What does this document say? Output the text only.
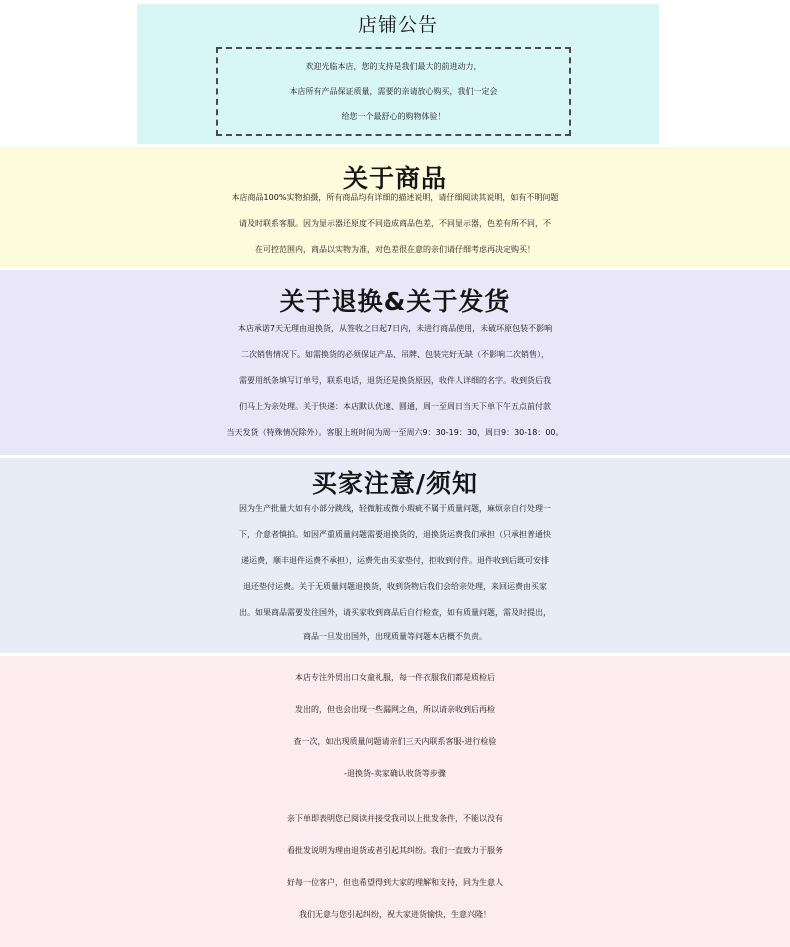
店铺公告
欢迎光临本店，您的支持是我们最大的前进动力，
本店所有产品保证质量，需要的亲请放心购买，我们一定会
给您一个最舒心的购物体验！
关于商品
本店商品100%实物拍摄，所有商品均有详细的描述说明，请仔细阅读其说明，如有不明问题
请及时联系客服。因为显示器还原度不同造成商品色差，不同显示器，色差有所不同，不
在可控范围内，商品以实物为准，对色差很在意的亲们请仔细考虑再决定购买！
关于退换&关于发货
本店承诺7天无理由退换货，从签收之日起7日内，未进行商品使用，未破坏原包装不影响
二次销售情况下。如需换货的必须保证产品、吊牌、包装完好无缺（不影响二次销售），
需要用纸条填写订单号，联系电话，退货还是换货原因，收件人详细的名字。收到货后我
们马上为亲处理。关于快递：本店默认优速、圆通，周一至周日当天下单下午五点前付款
当天发货（特殊情况除外）。客服上班时间为周一至周六9：30-19：30，周日9：30-18：00。
买家注意/须知
因为生产批量大如有小部分跳线，轻微脏或微小瑕疵不属于质量问题，麻烦亲自行处理一
下，介意者慎拍。如因严重质量问题需要退换货的，退换货运费我们承担（只承担普通快
递运费，顺丰退件运费不承担），运费先由买家垫付，拒收到付件。退件收到后既可安排
退还垫付运费。关于无质量问题退换货，收到货物后我们会给亲处理，来回运费由买家
出。如果商品需要发往国外，请买家收到商品后自行检查，如有质量问题，需及时提出，
商品一旦发出国外，出现质量等问题本店概不负责。
本店专注外贸出口女童礼服，每一件衣服我们都是质检后
发出的，但也会出现一些漏网之鱼，所以请亲收到后再检
查一次，如出现质量问题请亲们三天内联系客服-进行检验
-退换货-卖家确认收货等步骤
亲下单即表明您已阅读并接受我司以上批发条件，不能以没有
看批发说明为理由退货或者引起其纠纷。我们一直致力于服务
好每一位客户，但也希望得到大家的理解和支持，同为生意人
我们无意与您引起纠纷，祝大家进货愉快，生意兴隆！
